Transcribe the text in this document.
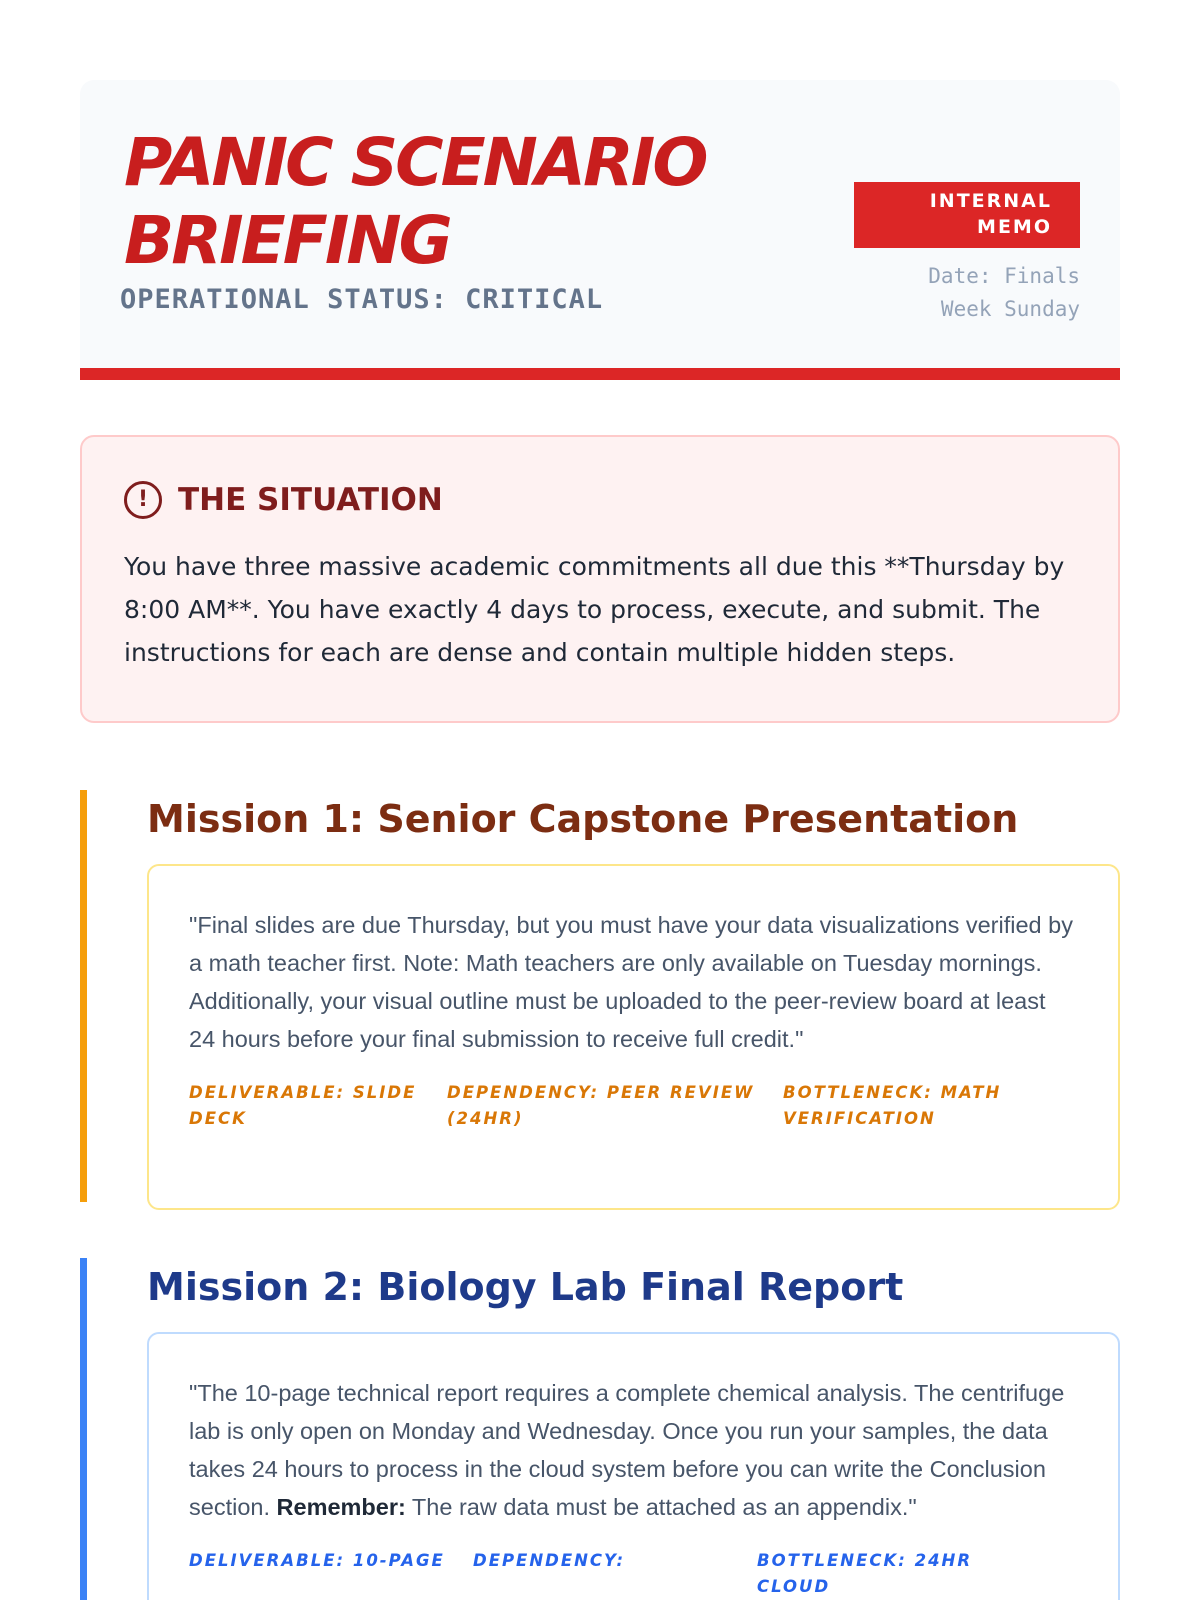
PANIC SCENARIO BRIEFING
OPERATIONAL STATUS: CRITICAL
INTERNAL MEMO
Date: Finals Week Sunday
! THE SITUATION

You have three massive academic commitments all due this **Thursday by 8:00 AM**. You have exactly 4 days to process, execute, and submit. The instructions for each are dense and contain multiple hidden steps.

Mission 1: Senior Capstone Presentation

"Final slides are due Thursday, but you must have your data visualizations verified by a math teacher first. Note: Math teachers are only available on Tuesday mornings. Additionally, your visual outline must be uploaded to the peer-review board at least 24 hours before your final submission to receive full credit."

DELIVERABLE: SLIDE DECK
DEPENDENCY: PEER REVIEW (24HR)
BOTTLENECK: MATH VERIFICATION
Mission 2: Biology Lab Final Report

"The 10-page technical report requires a complete chemical analysis. The centrifuge lab is only open on Monday and Wednesday. Once you run your samples, the data takes 24 hours to process in the cloud system before you can write the Conclusion section. Remember: The raw data must be attached as an appendix."

DELIVERABLE: 10-PAGE	DEPENDENCY:	BOTTLENECK: 24HR CLOUD
